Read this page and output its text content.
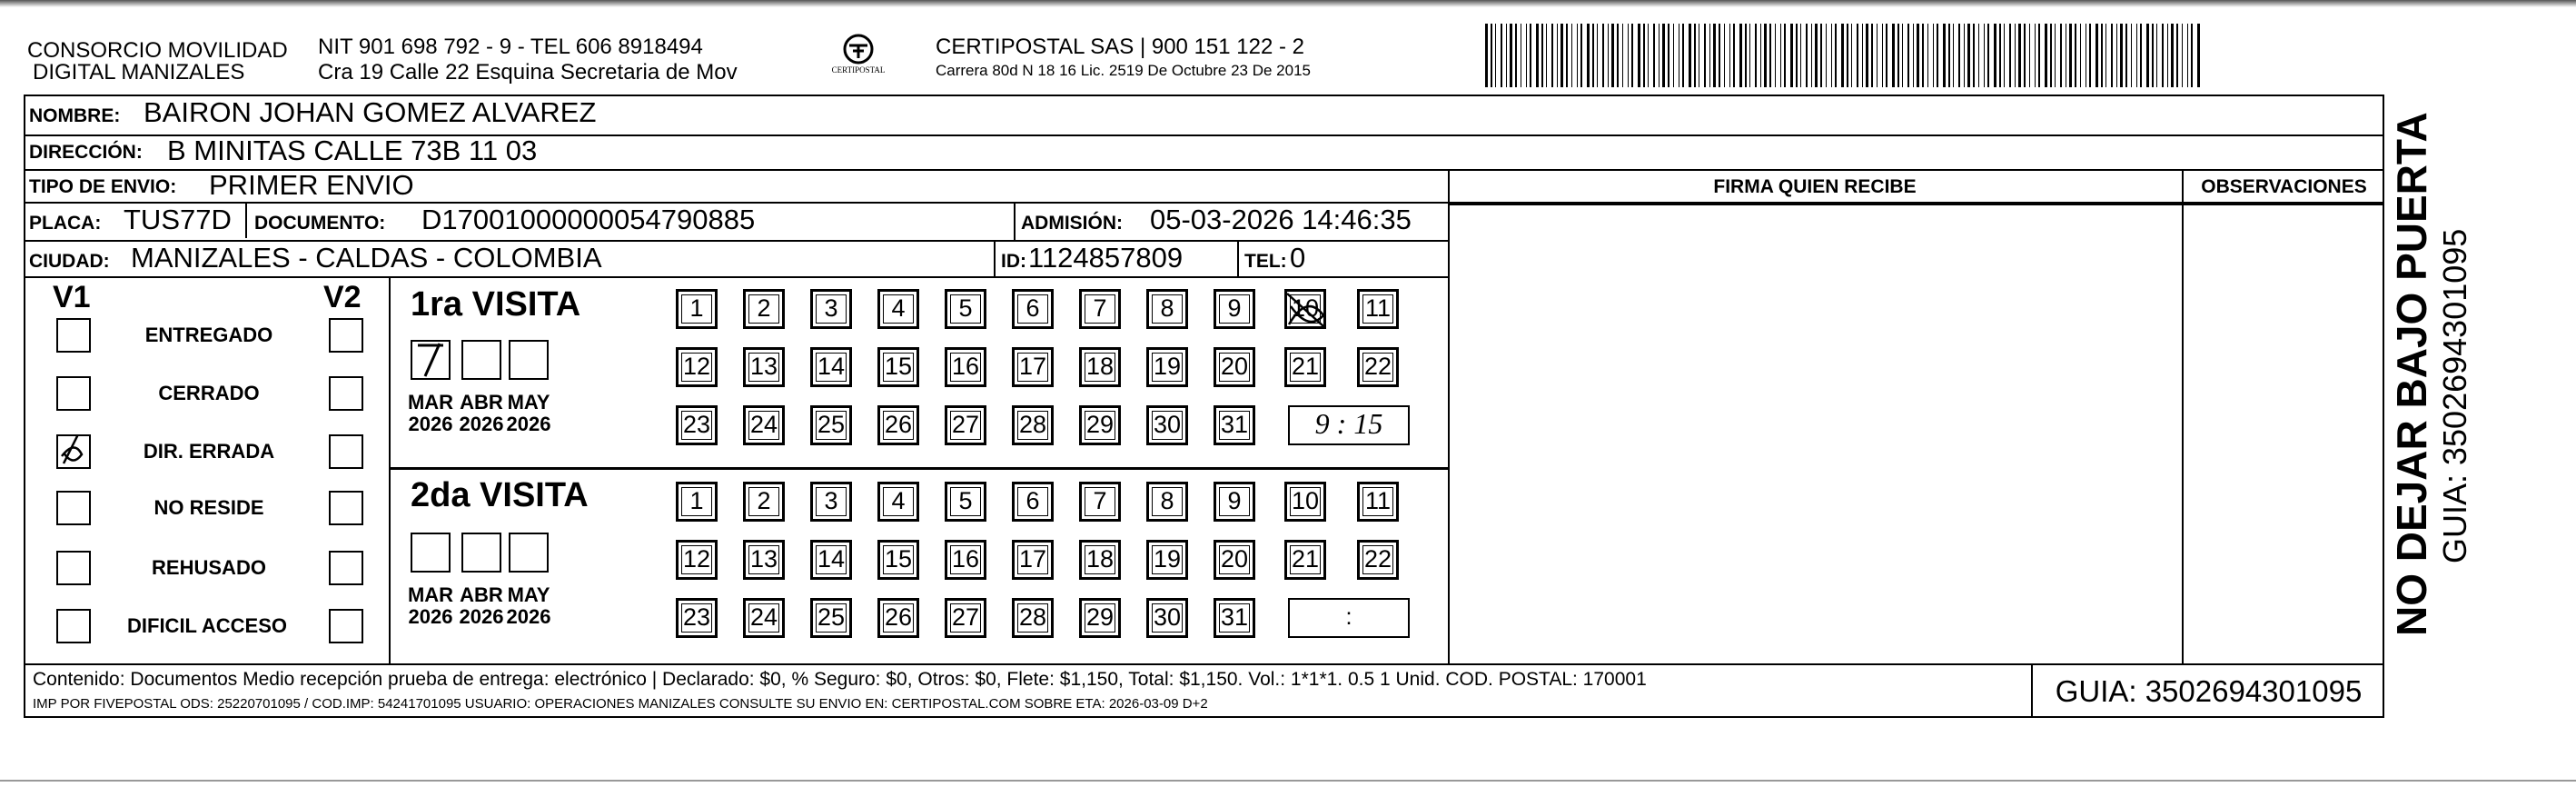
CONSORCIO MOVILIDAD
DIGITAL MANIZALES
NIT 901 698 792 - 9 - TEL 606 8918494
Cra 19 Calle 22 Esquina Secretaria de Mov	CERTIPOSTAL
CERTIPOSTAL SAS | 900 151 122 - 2
Carrera 80d N 18 16 Lic. 2519 De Octubre 23 De 2015
NOMBRE: BAIRON JOHAN GOMEZ ALVAREZ
DIRECCIÓN: B MINITAS CALLE 73B 11 03
TIPO DE ENVIO: PRIMER ENVIO
PLACA: TUS77D DOCUMENTO: D17001000000054790885	ADMISIÓN: 05-03-2026 14:46:35
CIUDAD: MANIZALES - CALDAS - COLOMBIA	ID: 1124857809	TEL: 0
FIRMA QUIEN RECIBE	OBSERVACIONES
V1	V2
ENTREGADO
CERRADO
DIR. ERRADA
NO RESIDE
REHUSADO
DIFICIL ACCESO
1ra VISITA
2da VISITA
MAR
2026
ABR
2026
MAY
2026
1	2	3	4	5	6	7	8	9	10	11
12 13 14 15 16 17 18 19 20 21 22
23 24 25 26 27 28 29 30 31	9 : 15
MAR
2026
ABR
2026
MAY
2026
1	2	3	4	5	6	7	8	9	10	11
12 13 14 15 16 17 18 19 20 21 22
23 24 25 26 27 28 29 30 31	:
Contenido: Documentos Medio recepción prueba de entrega: electrónico | Declarado: $0, % Seguro: $0, Otros: $0, Flete: $1,150, Total: $1,150. Vol.: 1*1*1. 0.5 1 Unid. COD. POSTAL: 170001
IMP POR FIVEPOSTAL ODS: 25220701095 / COD.IMP: 54241701095 USUARIO: OPERACIONES MANIZALES CONSULTE SU ENVIO EN: CERTIPOSTAL.COM SOBRE ETA: 2026-03-09 D+2	GUIA: 3502694301095
NO DEJAR BAJO PUERTA GUIA: 3502694301095
